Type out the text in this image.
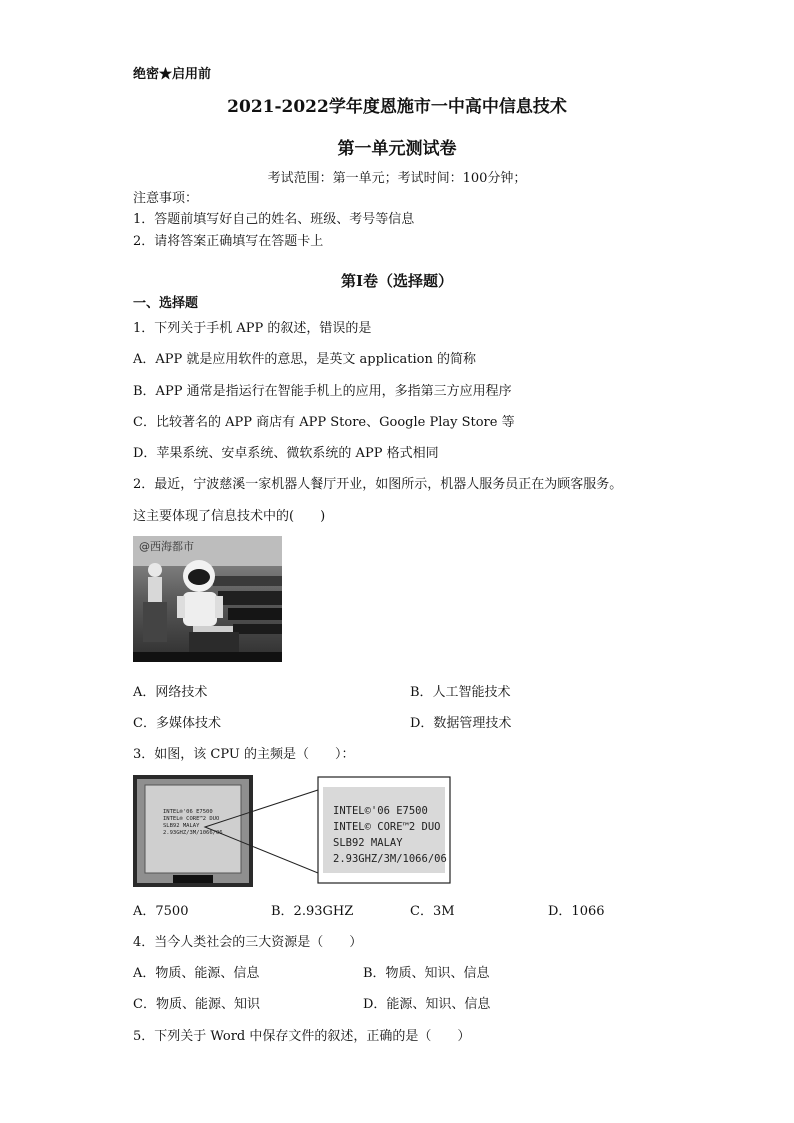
绝密★启用前
2021-2022学年度恩施市一中高中信息技术
第一单元测试卷
考试范围：第一单元；考试时间：100分钟；
注意事项：
1．答题前填写好自己的姓名、班级、考号等信息
2．请将答案正确填写在答题卡上
第I卷（选择题）
一、选择题
1．下列关于手机 APP 的叙述，错误的是
A．APP 就是应用软件的意思，是英文 application 的简称
B．APP 通常是指运行在智能手机上的应用，多指第三方应用程序
C．比较著名的 APP 商店有 APP Store、Google Play Store 等
D．苹果系统、安卓系统、微软系统的 APP 格式相同
2．最近，宁波慈溪一家机器人餐厅开业，如图所示，机器人服务员正在为顾客服务。
这主要体现了信息技术中的(　　)
@西海都市
A．网络技术	B．人工智能技术
C．多媒体技术	D．数据管理技术
3．如图，该 CPU 的主频是（　　）：
INTEL®'06 E7500
INTEL® CORE™2 DUO
SLB92 MALAY
2.93GHZ/3M/1066/06
INTEL©'06 E7500
INTEL© CORE™2 DUO
SLB92 MALAY
2.93GHZ/3M/1066/06
A．7500	B．2.93GHZ	C．3M	D．1066
4．当今人类社会的三大资源是（　　）
A．物质、能源、信息	B．物质、知识、信息
C．物质、能源、知识	D．能源、知识、信息
5．下列关于 Word 中保存文件的叙述，正确的是（　　）
